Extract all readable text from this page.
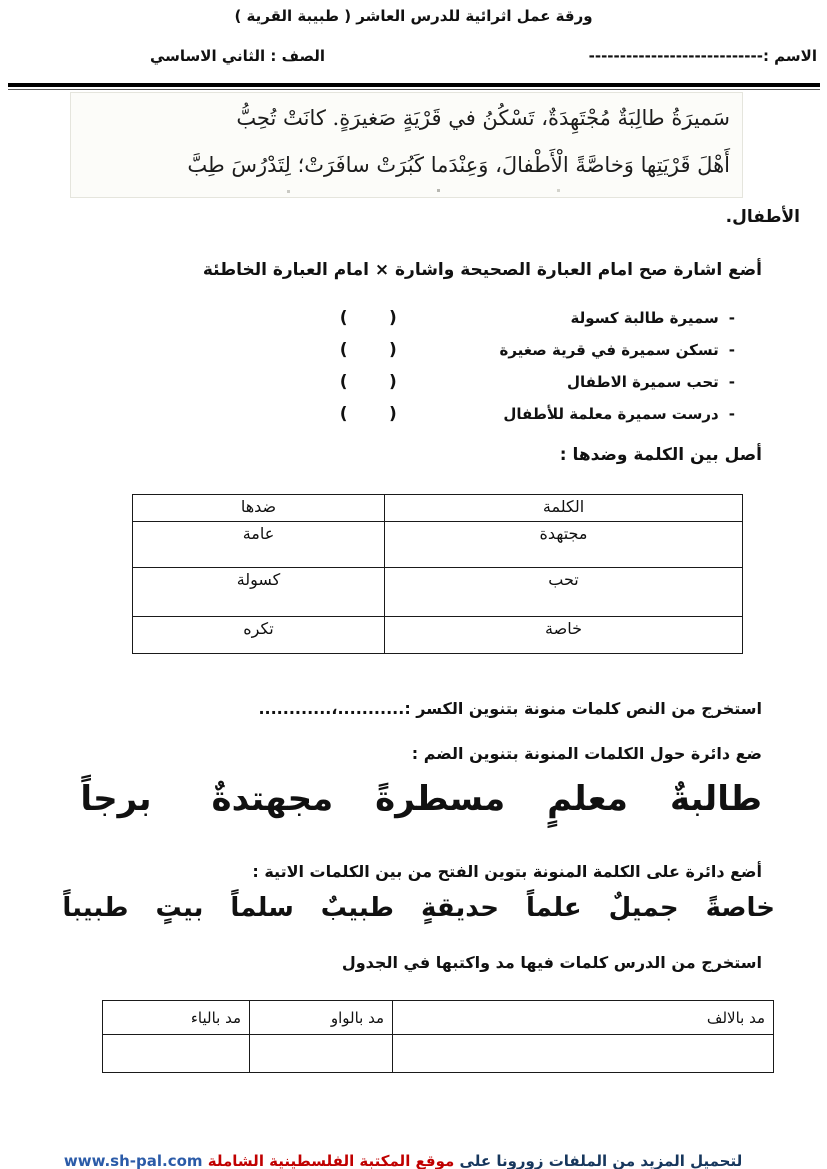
ورقة عمل اثرائية للدرس العاشر ( طبيبة القرية )
الاسم :----------------------------
الصف : الثاني الاساسي
سَميرَةُ طالِبَةٌ مُجْتَهِدَةٌ، تَسْكُنُ في قَرْيَةٍ صَغيرَةٍ. كانَتْ تُحِبُّ
أَهْلَ قَرْيَتِها وَخاصَّةً الْأَطْفالَ، وَعِنْدَما كَبُرَتْ سافَرَتْ؛ لِتَدْرُسَ طِبَّ
الأطفال.
أضع اشارة صح امام العبارة الصحيحة واشارة × امام العبارة الخاطئة
-
سميرة طالبة كسولة
(       )
-
تسكن سميرة في قرية صغيرة
(       )
-
تحب سميرة الاطفال
(       )
-
درست سميرة معلمة للأطفال
(       )
أصل بين الكلمة وضدها :
الكلمة	ضدها
مجتهدة	عامة
تحب	كسولة
خاصة	تكره
استخرج من النص كلمات منونة بتنوين الكسر :...........،............
ضع دائرة حول الكلمات المنونة بتنوين الضم :
طالبةٌ
معلمٍ
مسطرةً
مجهتدةٌ
برجاً
أضع دائرة على الكلمة المنونة بتوين الفتح من بين الكلمات الاتية :
خاصةً
جميلٌ
علماً
حديقةٍ
طبيبٌ
سلماً
بيتٍ
طبيباً
استخرج من الدرس كلمات فيها مد واكتبها في الجدول
مد بالالف	مد بالواو	مد بالياء

لتحميل المزيد من الملفات زورونا على موقع المكتبة الفلسطينية الشاملة www.sh-pal.com
